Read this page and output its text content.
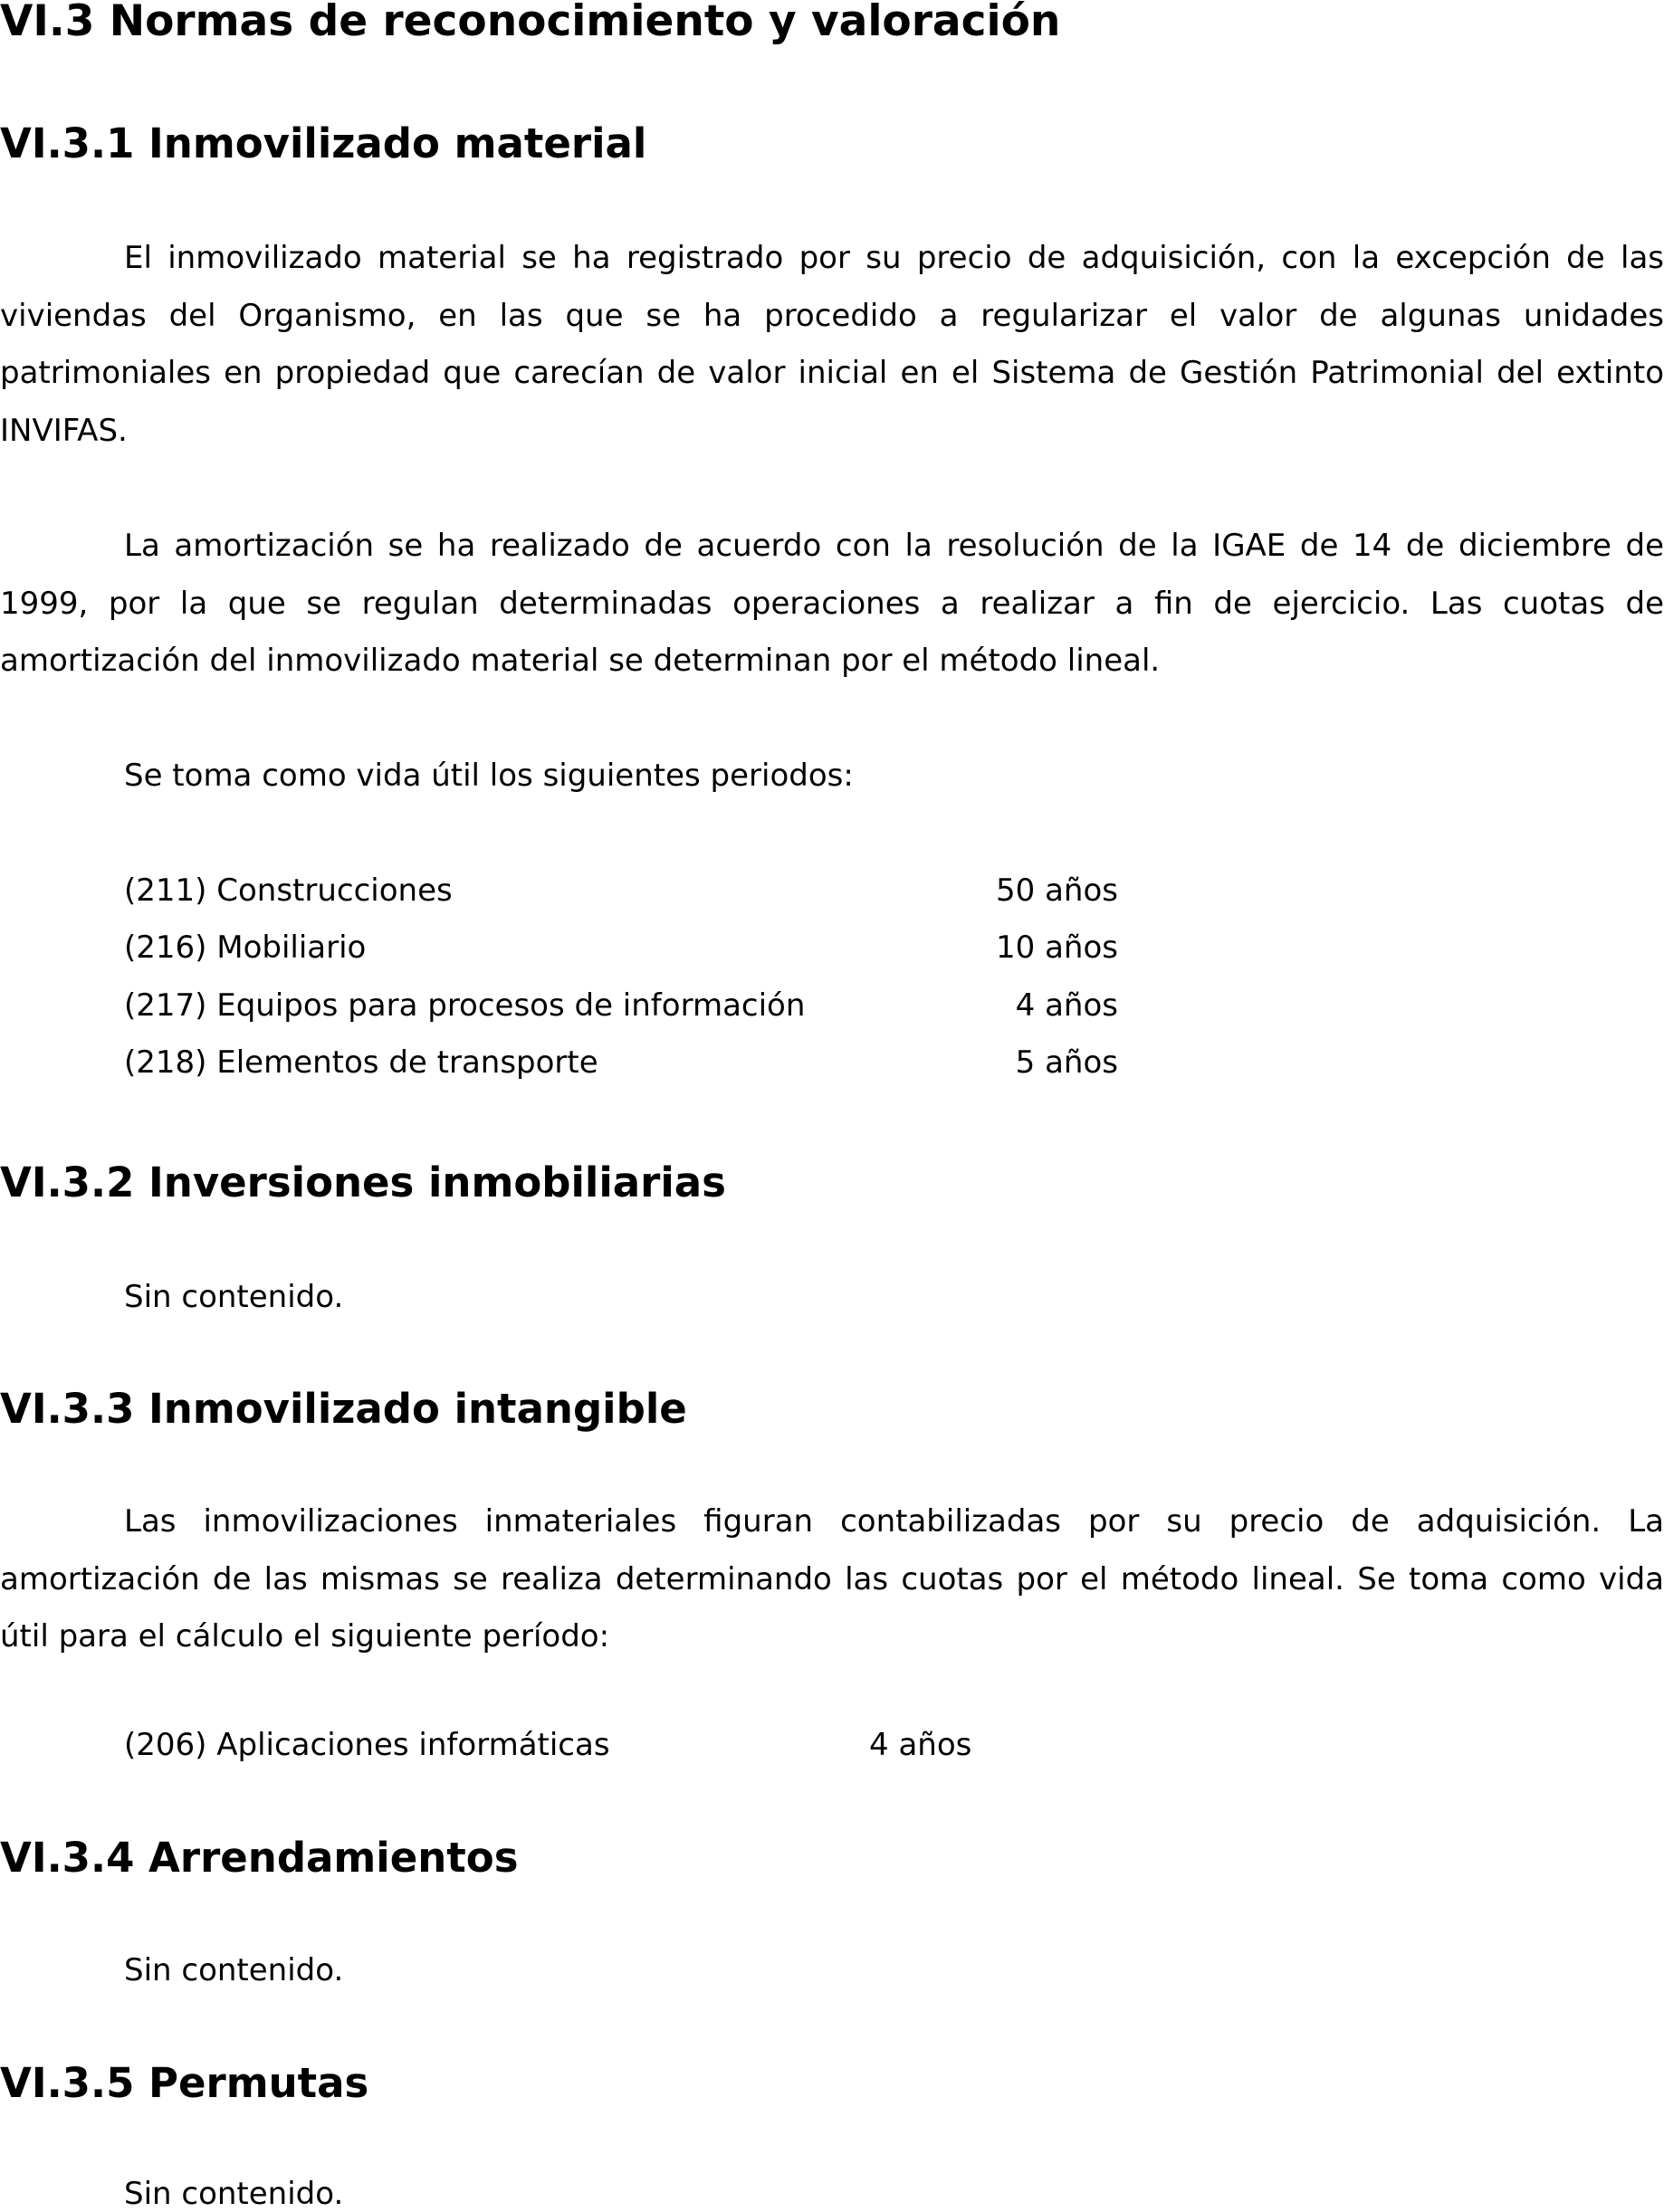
VI.3 Normas de reconocimiento y valoración
VI.3.1 Inmovilizado material

El inmovilizado material se ha registrado por su precio de adquisición, con la excepción de las viviendas del Organismo, en las que se ha procedido a regularizar el valor de algunas unidades patrimoniales en propiedad que carecían de valor inicial en el Sistema de Gestión Patrimonial del extinto INVIFAS.

La amortización se ha realizado de acuerdo con la resolución de la IGAE de 14 de diciembre de 1999, por la que se regulan determinadas operaciones a realizar a fin de ejercicio. Las cuotas de amortización del inmovilizado material se determinan por el método lineal.

Se toma como vida útil los siguientes periodos:

(211) Construcciones	50 años
(216) Mobiliario	10 años
(217) Equipos para procesos de información	4 años
(218) Elementos de transporte	5 años
VI.3.2 Inversiones inmobiliarias

Sin contenido.

VI.3.3 Inmovilizado intangible

Las inmovilizaciones inmateriales figuran contabilizadas por su precio de adquisición. La amortización de las mismas se realiza determinando las cuotas por el método lineal. Se toma como vida útil para el cálculo el siguiente período:

(206) Aplicaciones informáticas	4 años
VI.3.4 Arrendamientos

Sin contenido.

VI.3.5 Permutas

Sin contenido.
